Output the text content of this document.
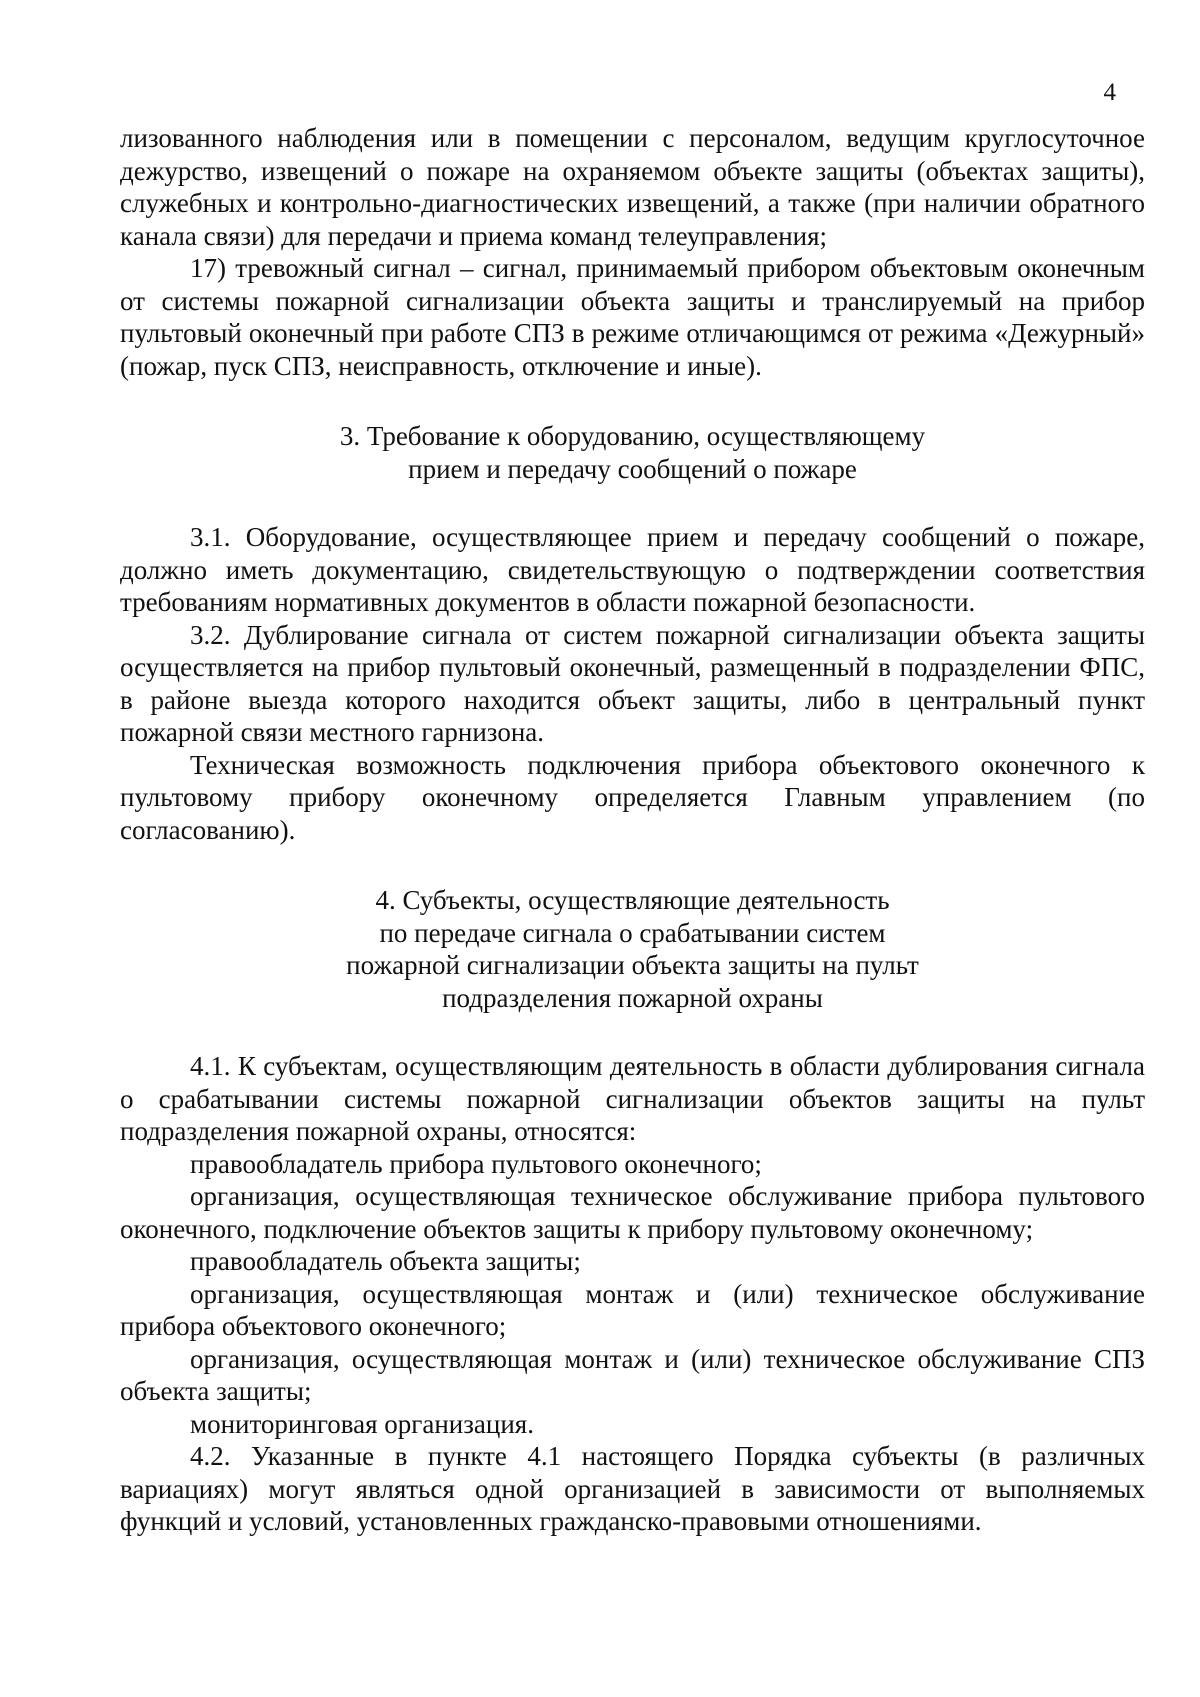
4

лизованного наблюдения или в помещении с персоналом, ведущим круглосуточное дежурство, извещений о пожаре на охраняемом объекте защиты (объектах защиты), служебных и контрольно-диагностических извещений, а также (при наличии обратного канала связи) для передачи и приема команд телеуправления;

17) тревожный сигнал – сигнал, принимаемый прибором объектовым оконечным от системы пожарной сигнализации объекта защиты и транслируемый на прибор пультовый оконечный при работе СПЗ в режиме отличающимся от режима «Дежурный» (пожар, пуск СПЗ, неисправность, отключение и иные).

3. Требование к оборудованию, осуществляющему
прием и передачу сообщений о пожаре

3.1. Оборудование, осуществляющее прием и передачу сообщений о пожаре, должно иметь документацию, свидетельствующую о подтверждении соответствия требованиям нормативных документов в области пожарной безопасности.

3.2. Дублирование сигнала от систем пожарной сигнализации объекта защиты осуществляется на прибор пультовый оконечный, размещенный в подразделении ФПС, в районе выезда которого находится объект защиты, либо в центральный пункт пожарной связи местного гарнизона.

Техническая возможность подключения прибора объектового оконечного к пультовому прибору оконечному определяется Главным управлением (по согласованию).

4. Субъекты, осуществляющие деятельность
по передаче сигнала о срабатывании систем
пожарной сигнализации объекта защиты на пульт
подразделения пожарной охраны

4.1. К субъектам, осуществляющим деятельность в области дублирования сигнала о срабатывании системы пожарной сигнализации объектов защиты на пульт подразделения пожарной охраны, относятся:

правообладатель прибора пультового оконечного;

организация, осуществляющая техническое обслуживание прибора пультового оконечного, подключение объектов защиты к прибору пультовому оконечному;

правообладатель объекта защиты;

организация, осуществляющая монтаж и (или) техническое обслуживание прибора объектового оконечного;

организация, осуществляющая монтаж и (или) техническое обслуживание СПЗ объекта защиты;

мониторинговая организация.

4.2. Указанные в пункте 4.1 настоящего Порядка субъекты (в различных вариациях) могут являться одной организацией в зависимости от выполняемых функций и условий, установленных гражданско-правовыми отношениями.
